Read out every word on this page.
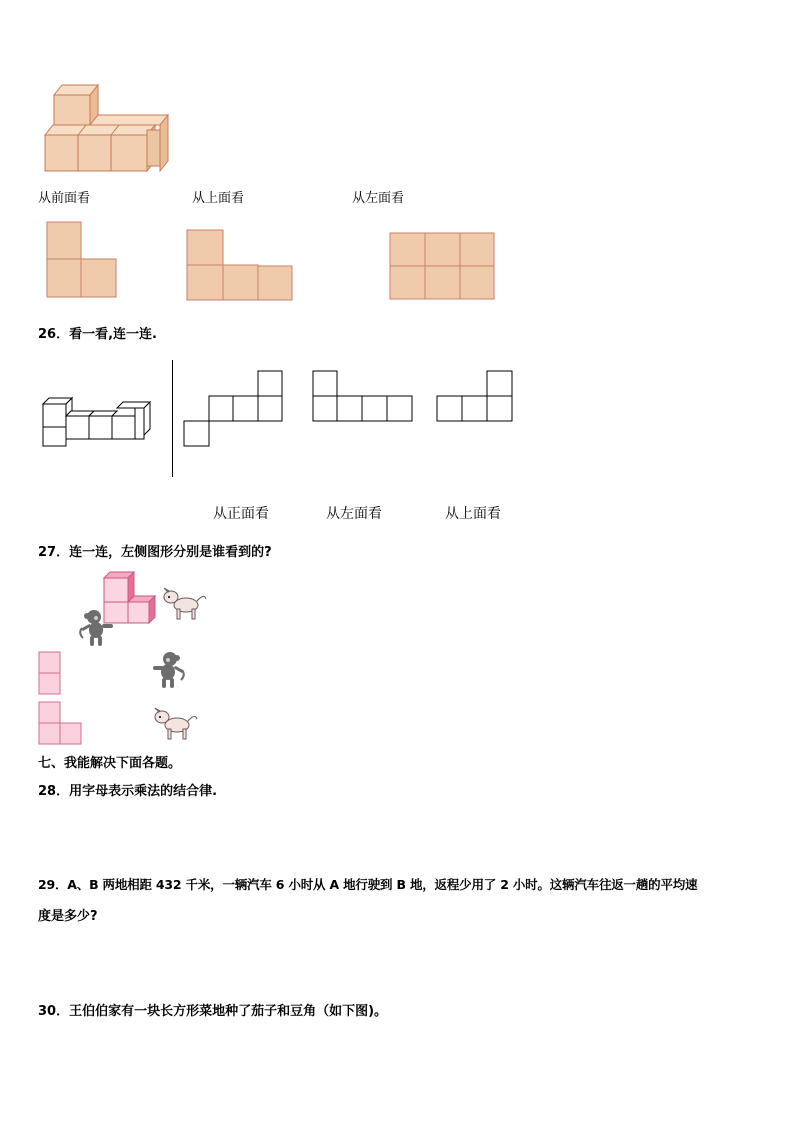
从前面看	从上面看	从左面看
26．看一看,连一连.
从正面看	从左面看	从上面看
27．连一连，左侧图形分别是谁看到的?
七、我能解决下面各题。
28．用字母表示乘法的结合律.
29．A、B 两地相距 432 千米，一辆汽车 6 小时从 A 地行驶到 B 地，返程少用了 2 小时。这辆汽车往返一趟的平均速
度是多少?
30．王伯伯家有一块长方形菜地种了茄子和豆角（如下图)。
